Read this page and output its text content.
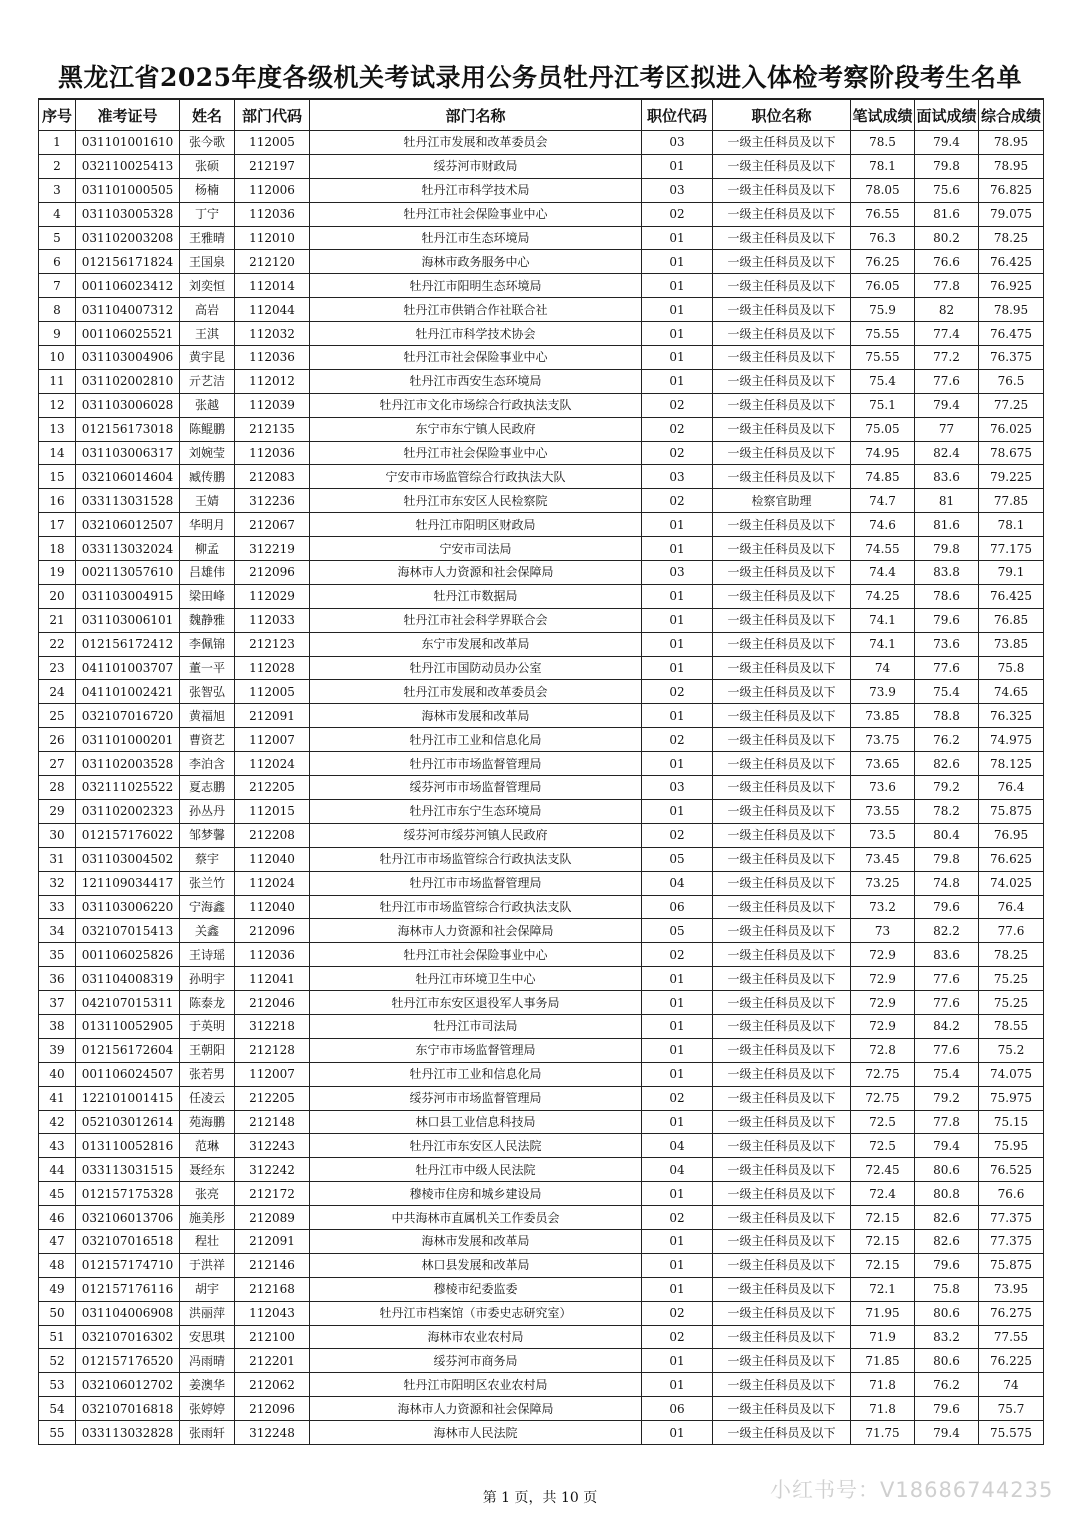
黑龙江省2025年度各级机关考试录用公务员牡丹江考区拟进入体检考察阶段考生名单
序号	准考证号	姓名	部门代码	部门名称	职位代码	职位名称	笔试成绩	面试成绩	综合成绩
1	031101001610	张今歌	112005	牡丹江市发展和改革委员会	03	一级主任科员及以下	78.5	79.4	78.95
2	032110025413	张硕	212197	绥芬河市财政局	01	一级主任科员及以下	78.1	79.8	78.95
3	031101000505	杨楠	112006	牡丹江市科学技术局	03	一级主任科员及以下	78.05	75.6	76.825
4	031103005328	丁宁	112036	牡丹江市社会保险事业中心	02	一级主任科员及以下	76.55	81.6	79.075
5	031102003208	王雅晴	112010	牡丹江市生态环境局	01	一级主任科员及以下	76.3	80.2	78.25
6	012156171824	王国泉	212120	海林市政务服务中心	01	一级主任科员及以下	76.25	76.6	76.425
7	001106023412	刘奕恒	112014	牡丹江市阳明生态环境局	01	一级主任科员及以下	76.05	77.8	76.925
8	031104007312	高岩	112044	牡丹江市供销合作社联合社	01	一级主任科员及以下	75.9	82	78.95
9	001106025521	王淇	112032	牡丹江市科学技术协会	01	一级主任科员及以下	75.55	77.4	76.475
10	031103004906	黄宇昆	112036	牡丹江市社会保险事业中心	01	一级主任科员及以下	75.55	77.2	76.375
11	031102002810	亓艺洁	112012	牡丹江市西安生态环境局	01	一级主任科员及以下	75.4	77.6	76.5
12	031103006028	张越	112039	牡丹江市文化市场综合行政执法支队	02	一级主任科员及以下	75.1	79.4	77.25
13	012156173018	陈鲲鹏	212135	东宁市东宁镇人民政府	02	一级主任科员及以下	75.05	77	76.025
14	031103006317	刘婉莹	112036	牡丹江市社会保险事业中心	02	一级主任科员及以下	74.95	82.4	78.675
15	032106014604	臧传鹏	212083	宁安市市场监管综合行政执法大队	03	一级主任科员及以下	74.85	83.6	79.225
16	033113031528	王婧	312236	牡丹江市东安区人民检察院	02	检察官助理	74.7	81	77.85
17	032106012507	华明月	212067	牡丹江市阳明区财政局	01	一级主任科员及以下	74.6	81.6	78.1
18	033113032024	柳孟	312219	宁安市司法局	01	一级主任科员及以下	74.55	79.8	77.175
19	002113057610	吕雄伟	212096	海林市人力资源和社会保障局	03	一级主任科员及以下	74.4	83.8	79.1
20	031103004915	梁田峰	112029	牡丹江市数据局	01	一级主任科员及以下	74.25	78.6	76.425
21	031103006101	魏静雅	112033	牡丹江市社会科学界联合会	01	一级主任科员及以下	74.1	79.6	76.85
22	012156172412	李佩锦	212123	东宁市发展和改革局	01	一级主任科员及以下	74.1	73.6	73.85
23	041101003707	董一平	112028	牡丹江市国防动员办公室	01	一级主任科员及以下	74	77.6	75.8
24	041101002421	张智弘	112005	牡丹江市发展和改革委员会	02	一级主任科员及以下	73.9	75.4	74.65
25	032107016720	黄福旭	212091	海林市发展和改革局	01	一级主任科员及以下	73.85	78.8	76.325
26	031101000201	曹资艺	112007	牡丹江市工业和信息化局	02	一级主任科员及以下	73.75	76.2	74.975
27	031102003528	李泊含	112024	牡丹江市市场监督管理局	01	一级主任科员及以下	73.65	82.6	78.125
28	032111025522	夏志鹏	212205	绥芬河市市场监督管理局	03	一级主任科员及以下	73.6	79.2	76.4
29	031102002323	孙丛丹	112015	牡丹江市东宁生态环境局	01	一级主任科员及以下	73.55	78.2	75.875
30	012157176022	邹梦馨	212208	绥芬河市绥芬河镇人民政府	02	一级主任科员及以下	73.5	80.4	76.95
31	031103004502	蔡宇	112040	牡丹江市市场监管综合行政执法支队	05	一级主任科员及以下	73.45	79.8	76.625
32	121109034417	张兰竹	112024	牡丹江市市场监督管理局	04	一级主任科员及以下	73.25	74.8	74.025
33	031103006220	宁海鑫	112040	牡丹江市市场监管综合行政执法支队	06	一级主任科员及以下	73.2	79.6	76.4
34	032107015413	关鑫	212096	海林市人力资源和社会保障局	05	一级主任科员及以下	73	82.2	77.6
35	001106025826	王诗瑶	112036	牡丹江市社会保险事业中心	02	一级主任科员及以下	72.9	83.6	78.25
36	031104008319	孙明宇	112041	牡丹江市环境卫生中心	01	一级主任科员及以下	72.9	77.6	75.25
37	042107015311	陈泰龙	212046	牡丹江市东安区退役军人事务局	01	一级主任科员及以下	72.9	77.6	75.25
38	013110052905	于英明	312218	牡丹江市司法局	01	一级主任科员及以下	72.9	84.2	78.55
39	012156172604	王朝阳	212128	东宁市市场监督管理局	01	一级主任科员及以下	72.8	77.6	75.2
40	001106024507	张若男	112007	牡丹江市工业和信息化局	01	一级主任科员及以下	72.75	75.4	74.075
41	122101001415	任凌云	212205	绥芬河市市场监督管理局	02	一级主任科员及以下	72.75	79.2	75.975
42	052103012614	苑海鹏	212148	林口县工业信息科技局	01	一级主任科员及以下	72.5	77.8	75.15
43	013110052816	范琳	312243	牡丹江市东安区人民法院	04	一级主任科员及以下	72.5	79.4	75.95
44	033113031515	聂经东	312242	牡丹江市中级人民法院	04	一级主任科员及以下	72.45	80.6	76.525
45	012157175328	张亮	212172	穆棱市住房和城乡建设局	01	一级主任科员及以下	72.4	80.8	76.6
46	032106013706	施美彤	212089	中共海林市直属机关工作委员会	02	一级主任科员及以下	72.15	82.6	77.375
47	032107016518	程壮	212091	海林市发展和改革局	01	一级主任科员及以下	72.15	82.6	77.375
48	012157174710	于洪祥	212146	林口县发展和改革局	01	一级主任科员及以下	72.15	79.6	75.875
49	012157176116	胡宇	212168	穆棱市纪委监委	01	一级主任科员及以下	72.1	75.8	73.95
50	031104006908	洪丽萍	112043	牡丹江市档案馆（市委史志研究室）	02	一级主任科员及以下	71.95	80.6	76.275
51	032107016302	安思琪	212100	海林市农业农村局	02	一级主任科员及以下	71.9	83.2	77.55
52	012157176520	冯雨晴	212201	绥芬河市商务局	01	一级主任科员及以下	71.85	80.6	76.225
53	032106012702	姜澳华	212062	牡丹江市阳明区农业农村局	01	一级主任科员及以下	71.8	76.2	74
54	032107016818	张婷婷	212096	海林市人力资源和社会保障局	06	一级主任科员及以下	71.8	79.6	75.7
55	033113032828	张雨轩	312248	海林市人民法院	01	一级主任科员及以下	71.75	79.4	75.575
第 1 页，共 10 页	小红书号：V18686744235
